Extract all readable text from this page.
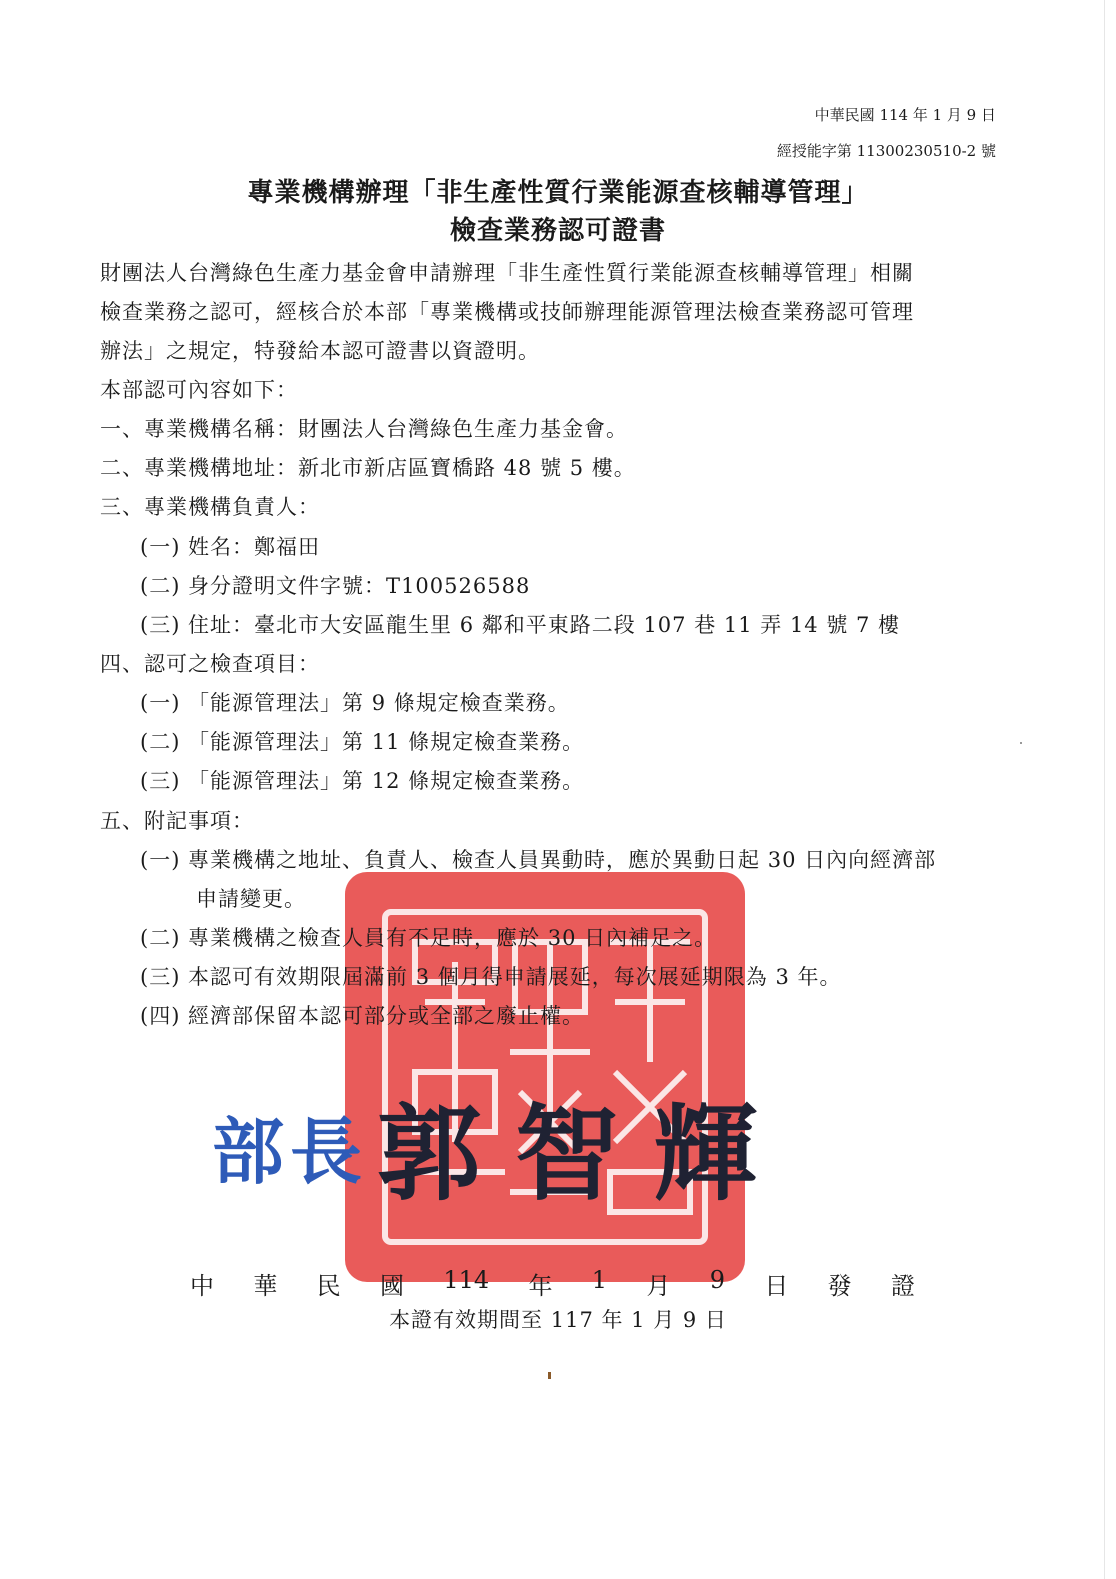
中華民國 114 年 1 月 9 日
經授能字第 11300230510-2 號
專業機構辦理「非生產性質行業能源查核輔導管理」
檢查業務認可證書
財團法人台灣綠色生產力基金會申請辦理「非生產性質行業能源查核輔導管理」相關
檢查業務之認可，經核合於本部「專業機構或技師辦理能源管理法檢查業務認可管理
辦法」之規定，特發給本認可證書以資證明。
本部認可內容如下：
一、專業機構名稱：財團法人台灣綠色生產力基金會。
二、專業機構地址：新北市新店區寶橋路 48 號 5 樓。
三、專業機構負責人：
(一) 姓名：鄭福田
(二) 身分證明文件字號：T100526588
(三) 住址：臺北市大安區龍生里 6 鄰和平東路二段 107 巷 11 弄 14 號 7 樓
四、認可之檢查項目：
(一) 「能源管理法」第 9 條規定檢查業務。
(二) 「能源管理法」第 11 條規定檢查業務。
(三) 「能源管理法」第 12 條規定檢查業務。
五、附記事項：
(一) 專業機構之地址、負責人、檢查人員異動時，應於異動日起 30 日內向經濟部
申請變更。
(二) 專業機構之檢查人員有不足時，應於 30 日內補足之。
(三) 本認可有效期限屆滿前 3 個月得申請展延，每次展延期限為 3 年。
(四) 經濟部保留本認可部分或全部之廢止權。
部長 郭智輝
中 華 民 國 114 年 1 月 9 日 發 證
本證有效期間至 117 年 1 月 9 日
